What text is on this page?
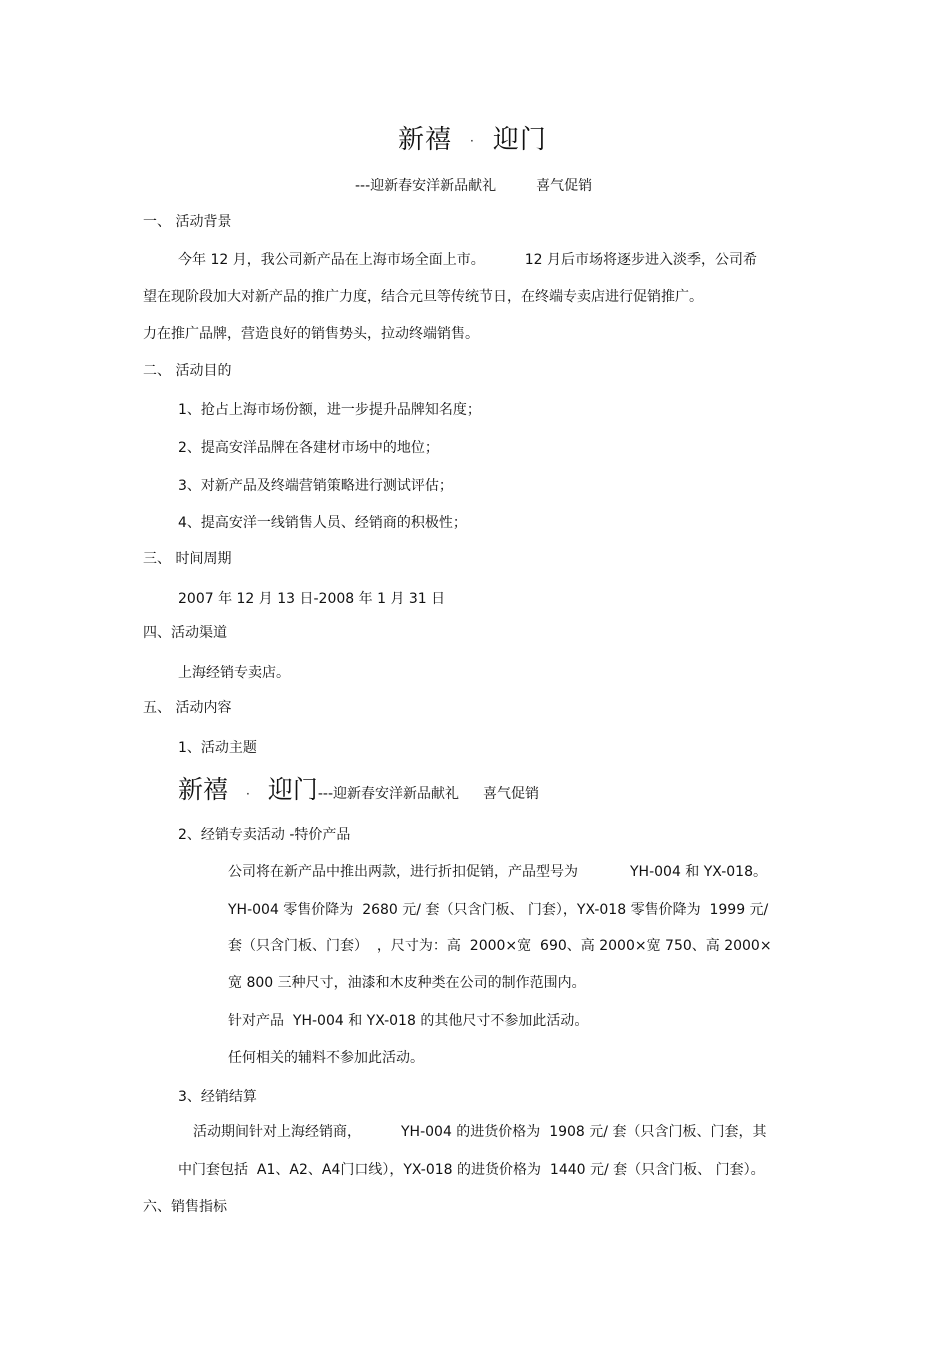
新禧 · 迎门
---迎新春安洋新品献礼	喜气促销
一、 活动背景
今年 12 月，我公司新产品在上海市场全面上市。	12 月后市场将逐步进入淡季，公司希
望在现阶段加大对新产品的推广力度，结合元旦等传统节日，在终端专卖店进行促销推广。
力在推广品牌，营造良好的销售势头，拉动终端销售。
二、 活动目的
1、抢占上海市场份额，进一步提升品牌知名度；
2、提高安洋品牌在各建材市场中的地位；
3、对新产品及终端营销策略进行测试评估；
4、提高安洋一线销售人员、经销商的积极性；
三、 时间周期
2007 年 12 月 13 日-2008 年 1 月 31 日
四、活动渠道
上海经销专卖店。
五、 活动内容
1、活动主题
新禧 · 迎门---迎新春安洋新品献礼 喜气促销
2、经销专卖活动 -特价产品
公司将在新产品中推出两款，进行折扣促销，产品型号为	YH-004 和 YX-018。
YH-004 零售价降为  2680 元/ 套（只含门板、 门套），YX-018 零售价降为  1999 元/
套（只含门板、门套）  ，尺寸为：高  2000×宽  690、高 2000×宽 750、高 2000×
宽 800 三种尺寸，油漆和木皮种类在公司的制作范围内。
针对产品  YH-004 和 YX-018 的其他尺寸不参加此活动。
任何相关的辅料不参加此活动。
3、经销结算
活动期间针对上海经销商，	YH-004 的进货价格为  1908 元/ 套（只含门板、门套，其
中门套包括  A1、A2、A4门口线），YX-018 的进货价格为  1440 元/ 套（只含门板、 门套）。
六、销售指标
